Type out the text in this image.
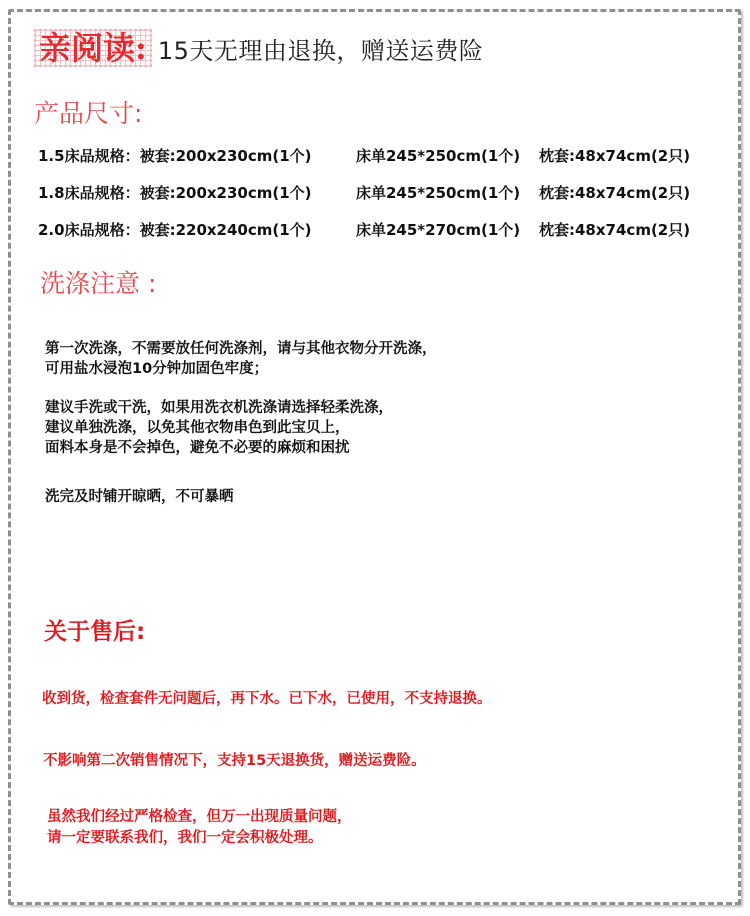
亲阅读: 15天无理由退换，赠送运费险
产品尺寸:
1.5床品规格：被套:200x230cm(1个)	床单245*250cm(1个) 枕套:48x74cm(2只)
1.8床品规格：被套:200x230cm(1个)	床单245*250cm(1个) 枕套:48x74cm(2只)
2.0床品规格：被套:220x240cm(1个)	床单245*270cm(1个) 枕套:48x74cm(2只)
洗涤注意 :
第一次洗涤，不需要放任何洗涤剂，请与其他衣物分开洗涤，
可用盐水浸泡10分钟加固色牢度；
建议手洗或干洗，如果用洗衣机洗涤请选择轻柔洗涤，
建议单独洗涤，以免其他衣物串色到此宝贝上，
面料本身是不会掉色，避免不必要的麻烦和困扰
洗完及时铺开晾晒，不可暴晒
关于售后:
收到货，检查套件无问题后，再下水。已下水，已使用，不支持退换。
不影响第二次销售情况下，支持15天退换货，赠送运费险。
虽然我们经过严格检查，但万一出现质量问题，
请一定要联系我们，我们一定会积极处理。
